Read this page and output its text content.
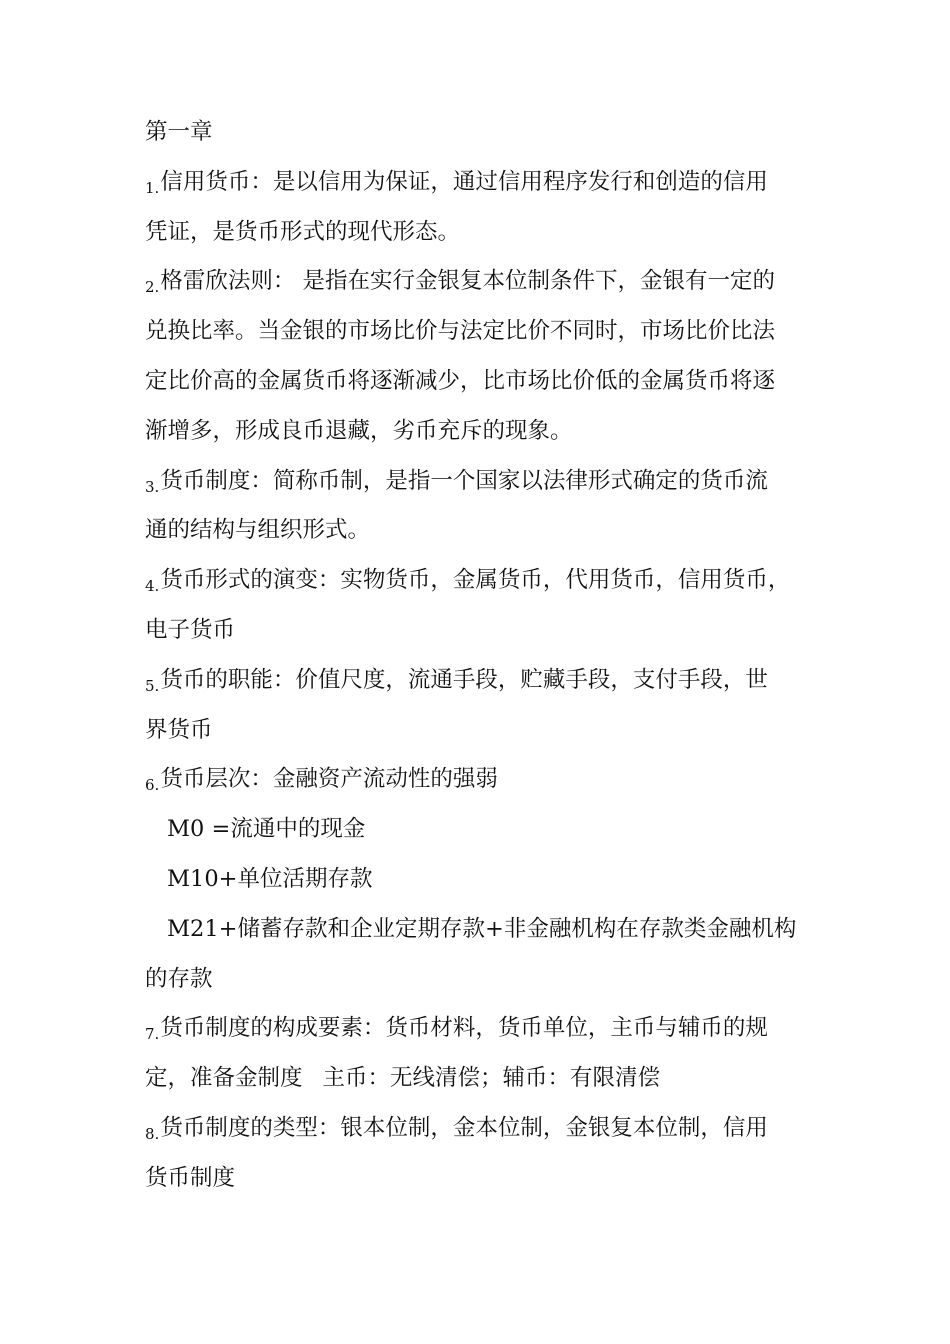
第一章
1.信用货币：是以信用为保证，通过信用程序发行和创造的信用
凭证，是货币形式的现代形态。
2.格雷欣法则： 是指在实行金银复本位制条件下，金银有一定的
兑换比率。当金银的市场比价与法定比价不同时，市场比价比法
定比价高的金属货币将逐渐减少，比市场比价低的金属货币将逐
渐增多，形成良币退藏，劣币充斥的现象。
3.货币制度：简称币制，是指一个国家以法律形式确定的货币流
通的结构与组织形式。
4.货币形式的演变：实物货币，金属货币，代用货币，信用货币，
电子货币
5.货币的职能：价值尺度，流通手段，贮藏手段，支付手段，世
界货币
6.货币层次：金融资产流动性的强弱
M0 =流通中的现金
M10+单位活期存款
M21+储蓄存款和企业定期存款+非金融机构在存款类金融机构
的存款
7.货币制度的构成要素：货币材料，货币单位，主币与辅币的规
定，准备金制度 主币：无线清偿；辅币：有限清偿
8.货币制度的类型：银本位制，金本位制，金银复本位制，信用
货币制度
